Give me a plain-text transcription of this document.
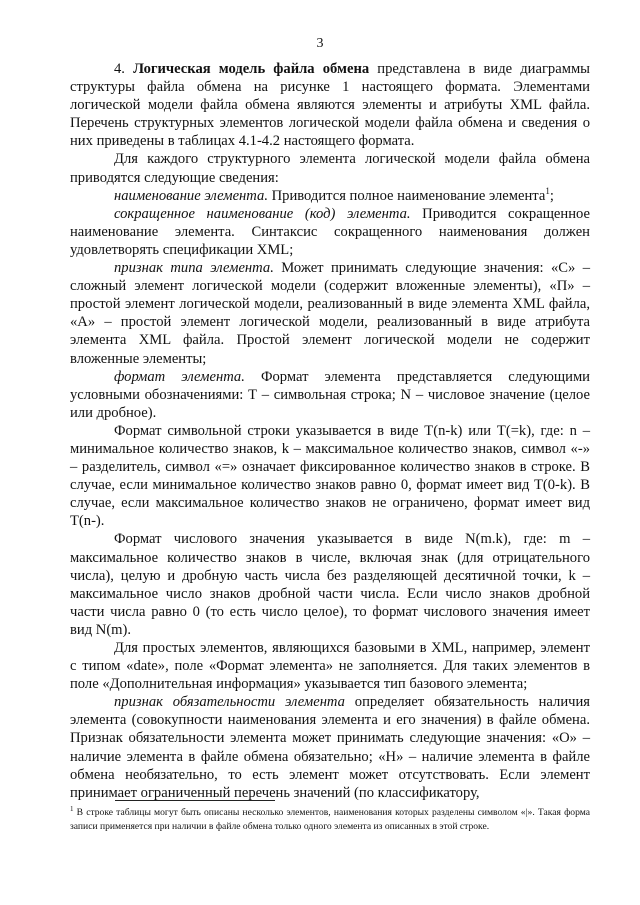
3

4. Логическая модель файла обмена представлена в виде диаграммы структуры файла обмена на рисунке 1 настоящего формата. Элементами логической модели файла обмена являются элементы и атрибуты XML файла. Перечень структурных элементов логической модели файла обмена и сведения о них приведены в таблицах 4.1-4.2 настоящего формата.

Для каждого структурного элемента логической модели файла обмена приводятся следующие сведения:

наименование элемента. Приводится полное наименование элемента$^1$;

сокращенное наименование (код) элемента. Приводится сокращенное наименование элемента. Синтаксис сокращенного наименования должен удовлетворять спецификации XML;

признак типа элемента. Может принимать следующие значения: «С» – сложный элемент логической модели (содержит вложенные элементы), «П» – простой элемент логической модели, реализованный в виде элемента XML файла, «А» – простой элемент логической модели, реализованный в виде атрибута элемента XML файла. Простой элемент логической модели не содержит вложенные элементы;

формат элемента. Формат элемента представляется следующими условными обозначениями: Т – символьная строка; N – числовое значение (целое или дробное).

Формат символьной строки указывается в виде Т(n-k) или Т(=k), где: n – минимальное количество знаков, k – максимальное количество знаков, символ «-» – разделитель, символ «=» означает фиксированное количество знаков в строке. В случае, если минимальное количество знаков равно 0, формат имеет вид Т(0-k). В случае, если максимальное количество знаков не ограничено, формат имеет вид Т(n-).

Формат числового значения указывается в виде N(m.k), где: m – максимальное количество знаков в числе, включая знак (для отрицательного числа), целую и дробную часть числа без разделяющей десятичной точки, k – максимальное число знаков дробной части числа. Если число знаков дробной части числа равно 0 (то есть число целое), то формат числового значения имеет вид N(m).

Для простых элементов, являющихся базовыми в XML, например, элемент с типом «date», поле «Формат элемента» не заполняется. Для таких элементов в поле «Дополнительная информация» указывается тип базового элемента;

признак обязательности элемента определяет обязательность наличия элемента (совокупности наименования элемента и его значения) в файле обмена. Признак обязательности элемента может принимать следующие значения: «О» – наличие элемента в файле обмена обязательно; «Н» – наличие элемента в файле обмена необязательно, то есть элемент может отсутствовать. Если элемент принимает ограниченный перечень значений (по классификатору,

$^1$ В строке таблицы могут быть описаны несколько элементов, наименования которых разделены символом «|». Такая форма записи применяется при наличии в файле обмена только одного элемента из описанных в этой строке.
